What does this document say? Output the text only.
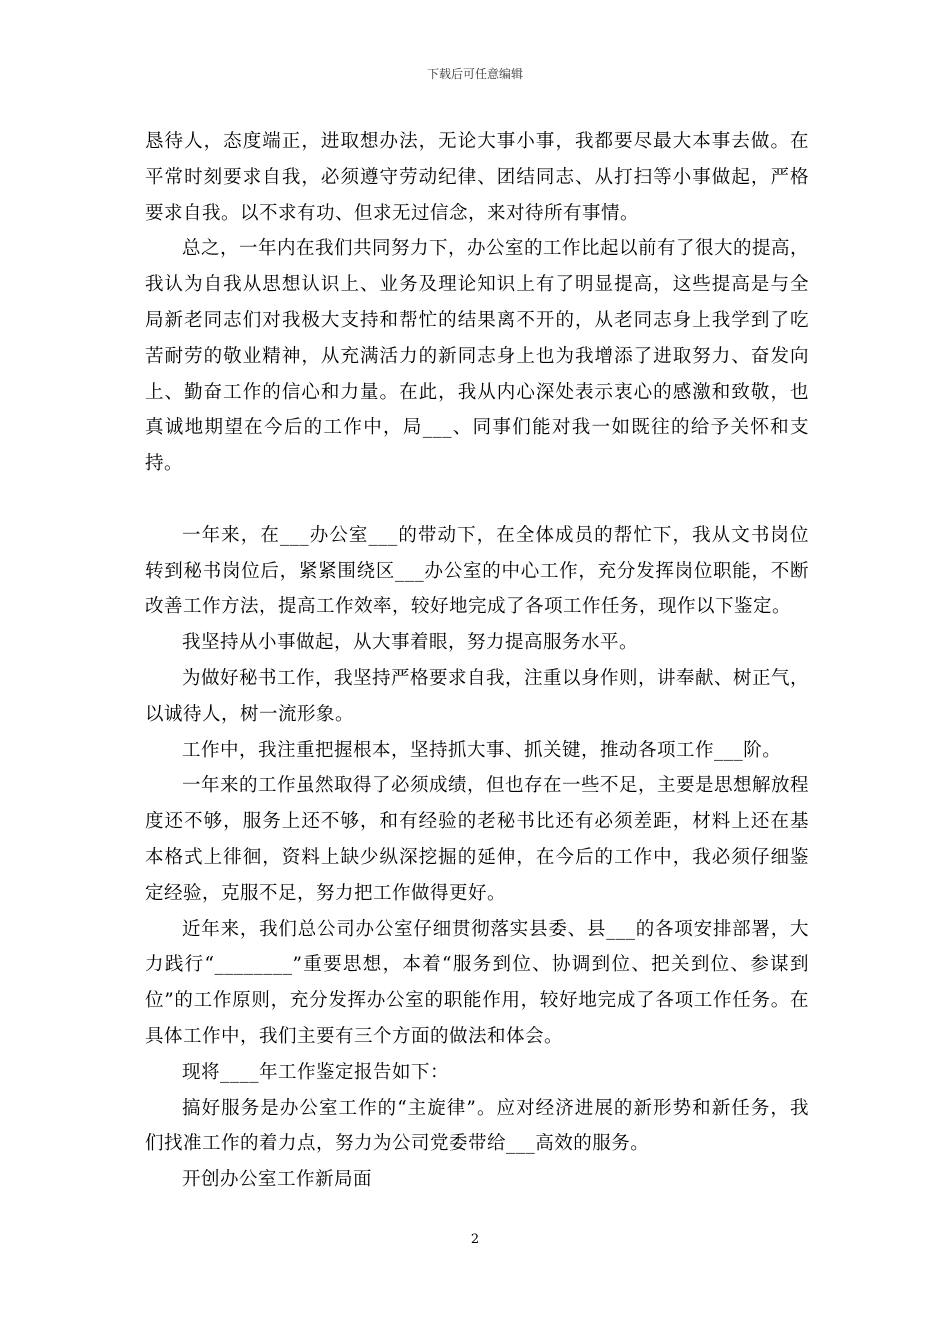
下载后可任意编辑

恳待人，态度端正，进取想办法，无论大事小事，我都要尽最大本事去做。在平常时刻要求自我，必须遵守劳动纪律、团结同志、从打扫等小事做起，严格要求自我。以不求有功、但求无过信念，来对待所有事情。

总之，一年内在我们共同努力下，办公室的工作比起以前有了很大的提高，我认为自我从思想认识上、业务及理论知识上有了明显提高，这些提高是与全局新老同志们对我极大支持和帮忙的结果离不开的，从老同志身上我学到了吃苦耐劳的敬业精神，从充满活力的新同志身上也为我增添了进取努力、奋发向上、勤奋工作的信心和力量。在此，我从内心深处表示衷心的感激和致敬，也真诚地期望在今后的工作中，局___、同事们能对我一如既往的给予关怀和支持。

一年来，在___办公室___的带动下，在全体成员的帮忙下，我从文书岗位转到秘书岗位后，紧紧围绕区___办公室的中心工作，充分发挥岗位职能，不断改善工作方法，提高工作效率，较好地完成了各项工作任务，现作以下鉴定。

我坚持从小事做起，从大事着眼，努力提高服务水平。

为做好秘书工作，我坚持严格要求自我，注重以身作则，讲奉献、树正气，以诚待人，树一流形象。

工作中，我注重把握根本，坚持抓大事、抓关键，推动各项工作___阶。

一年来的工作虽然取得了必须成绩，但也存在一些不足，主要是思想解放程度还不够，服务上还不够，和有经验的老秘书比还有必须差距，材料上还在基本格式上徘徊，资料上缺少纵深挖掘的延伸，在今后的工作中，我必须仔细鉴定经验，克服不足，努力把工作做得更好。

近年来，我们总公司办公室仔细贯彻落实县委、县___的各项安排部署，大力践行“________”重要思想，本着“服务到位、协调到位、把关到位、参谋到位”的工作原则，充分发挥办公室的职能作用，较好地完成了各项工作任务。在具体工作中，我们主要有三个方面的做法和体会。

现将____年工作鉴定报告如下：

搞好服务是办公室工作的“主旋律”。应对经济进展的新形势和新任务，我们找准工作的着力点，努力为公司党委带给___高效的服务。

开创办公室工作新局面

2
